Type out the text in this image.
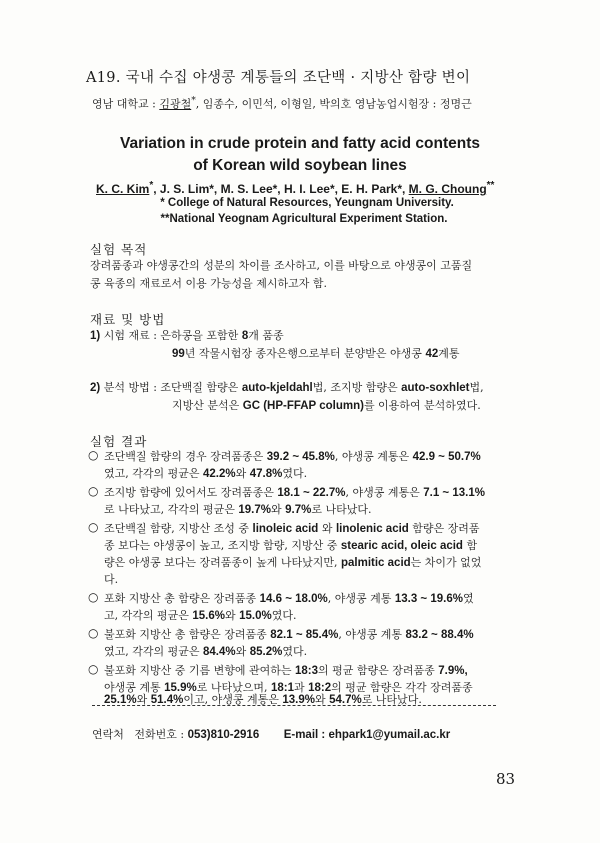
A19. 국내 수집 야생콩 계통들의 조단백 · 지방산 함량 변이
영남 대학교 : 김광철*, 임종수, 이민석, 이형일, 박의호 영남농업시험장 : 정명근
Variation in crude protein and fatty acid contents
of Korean wild soybean lines
K. C. Kim*, J. S. Lim*, M. S. Lee*, H. I. Lee*, E. H. Park*, M. G. Choung**
* College of Natural Resources, Yeungnam University.
**National Yeognam Agricultural Experiment Station.
실험 목적
장려품종과 야생콩간의 성분의 차이를 조사하고, 이를 바탕으로 야생콩이 고품질
콩 육종의 재료로서 이용 가능성을 제시하고자 함.
재료 및 방법
1) 시험 재료 : 은하콩을 포함한 8개 품종
99년 작물시험장 종자은행으로부터 분양받은 야생콩 42계통
2) 분석 방법 : 조단백질 함량은 auto-kjeldahl법, 조지방 함량은 auto-soxhlet법,
지방산 분석은 GC (HP-FFAP column)를 이용하여 분석하였다.
실험 결과
○ 조단백질 함량의 경우 장려품종은 39.2 ~ 45.8%, 야생콩 계통은 42.9 ~ 50.7%
였고, 각각의 평균은 42.2%와 47.8%였다.
○ 조지방 함량에 있어서도 장려품종은 18.1 ~ 22.7%, 야생콩 계통은 7.1 ~ 13.1%
로 나타났고, 각각의 평균은 19.7%와 9.7%로 나타났다.
○ 조단백질 함량, 지방산 조성 중 linoleic acid 와 linolenic acid 함량은 장려품
종 보다는 야생콩이 높고, 조지방 함량, 지방산 중 stearic acid, oleic acid 함
량은 야생콩 보다는 장려품종이 높게 나타났지만, palmitic acid는 차이가 없었
다.
○ 포화 지방산 총 함량은 장려품종 14.6 ~ 18.0%, 야생콩 계통 13.3 ~ 19.6%였
고, 각각의 평균은 15.6%와 15.0%였다.
○ 불포화 지방산 총 함량은 장려품종 82.1 ~ 85.4%, 야생콩 계통 83.2 ~ 88.4%
였고, 각각의 평균은 84.4%와 85.2%였다.
○ 불포화 지방산 중 기름 변향에 관여하는 18:3의 평균 함량은 장려품종 7.9%,
야생콩 계통 15.9%로 나타났으며, 18:1과 18:2의 평균 함량은 각각 장려품종
25.1%와 51.4%이고, 야생콩 계통은 13.9%와 54.7%로 나타났다.
연락처 전화번호 : 053)810-2916 E-mail : ehpark1@yumail.ac.kr
83
